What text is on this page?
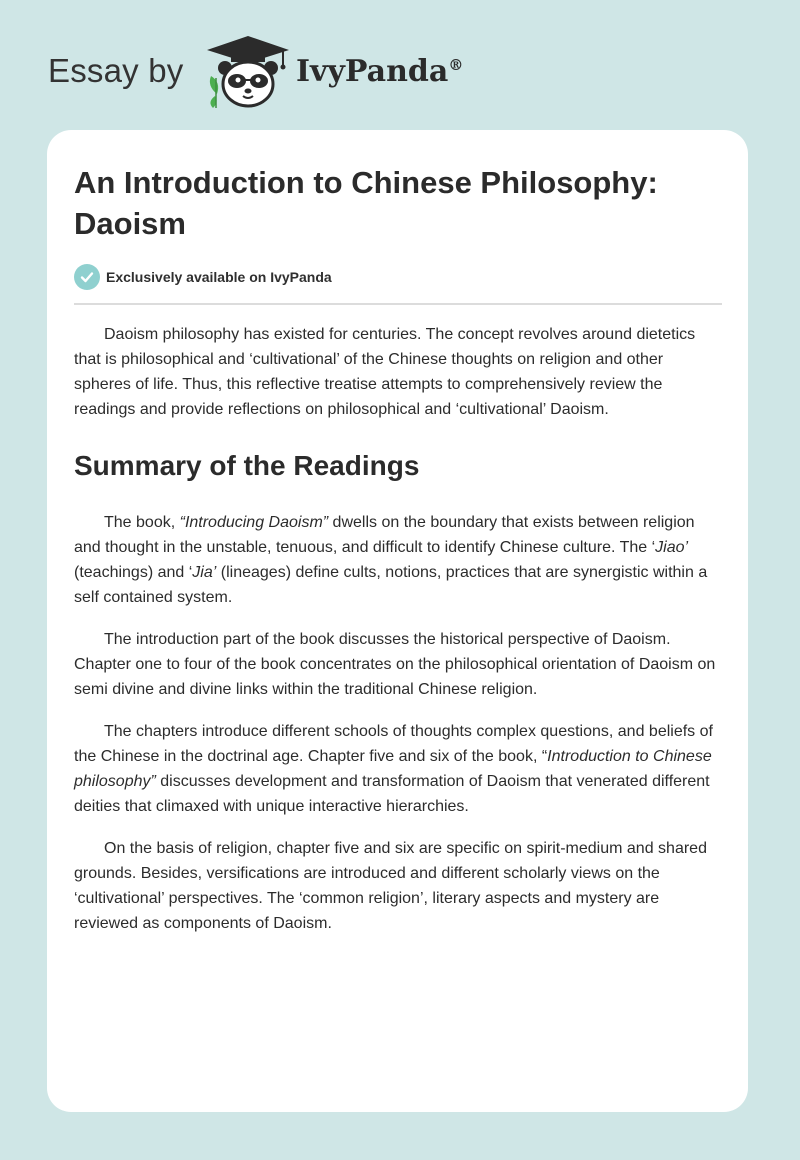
Essay by	IvyPanda®
An Introduction to Chinese Philosophy: Daoism
Exclusively available on IvyPanda

Daoism philosophy has existed for centuries. The concept revolves around dietetics that is philosophical and ‘cultivational’ of the Chinese thoughts on religion and other spheres of life. Thus, this reflective treatise attempts to comprehensively review the readings and provide reflections on philosophical and ‘cultivational’ Daoism.

Summary of the Readings

The book, “Introducing Daoism” dwells on the boundary that exists between religion and thought in the unstable, tenuous, and difficult to identify Chinese culture. The ‘Jiao’ (teachings) and ‘Jia’ (lineages) define cults, notions, practices that are synergistic within a self contained system.

The introduction part of the book discusses the historical perspective of Daoism. Chapter one to four of the book concentrates on the philosophical orientation of Daoism on semi divine and divine links within the traditional Chinese religion.

The chapters introduce different schools of thoughts complex questions, and beliefs of the Chinese in the doctrinal age. Chapter five and six of the book, “Introduction to Chinese philosophy” discusses development and transformation of Daoism that venerated different deities that climaxed with unique interactive hierarchies.

On the basis of religion, chapter five and six are specific on spirit-medium and shared grounds. Besides, versifications are introduced and different scholarly views on the ‘cultivational’ perspectives. The ‘common religion’, literary aspects and mystery are reviewed as components of Daoism.
